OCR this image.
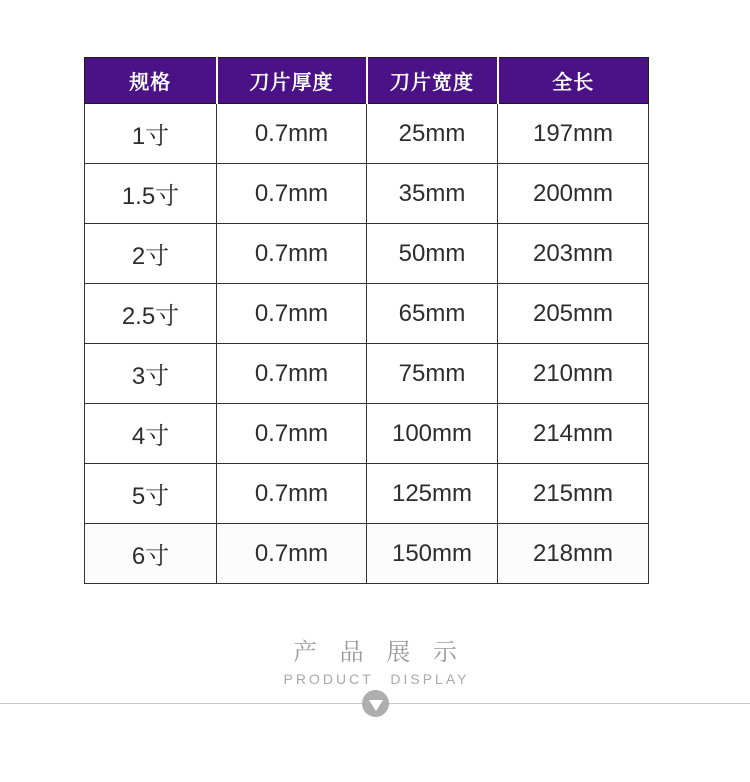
规格	刀片厚度	刀片宽度	全长
1寸	0.7mm	25mm	197mm
1.5寸	0.7mm	35mm	200mm
2寸	0.7mm	50mm	203mm
2.5寸	0.7mm	65mm	205mm
3寸	0.7mm	75mm	210mm
4寸	0.7mm	100mm	214mm
5寸	0.7mm	125mm	215mm
6寸	0.7mm	150mm	218mm
产 品 展 示
PRODUCT DISPLAY
